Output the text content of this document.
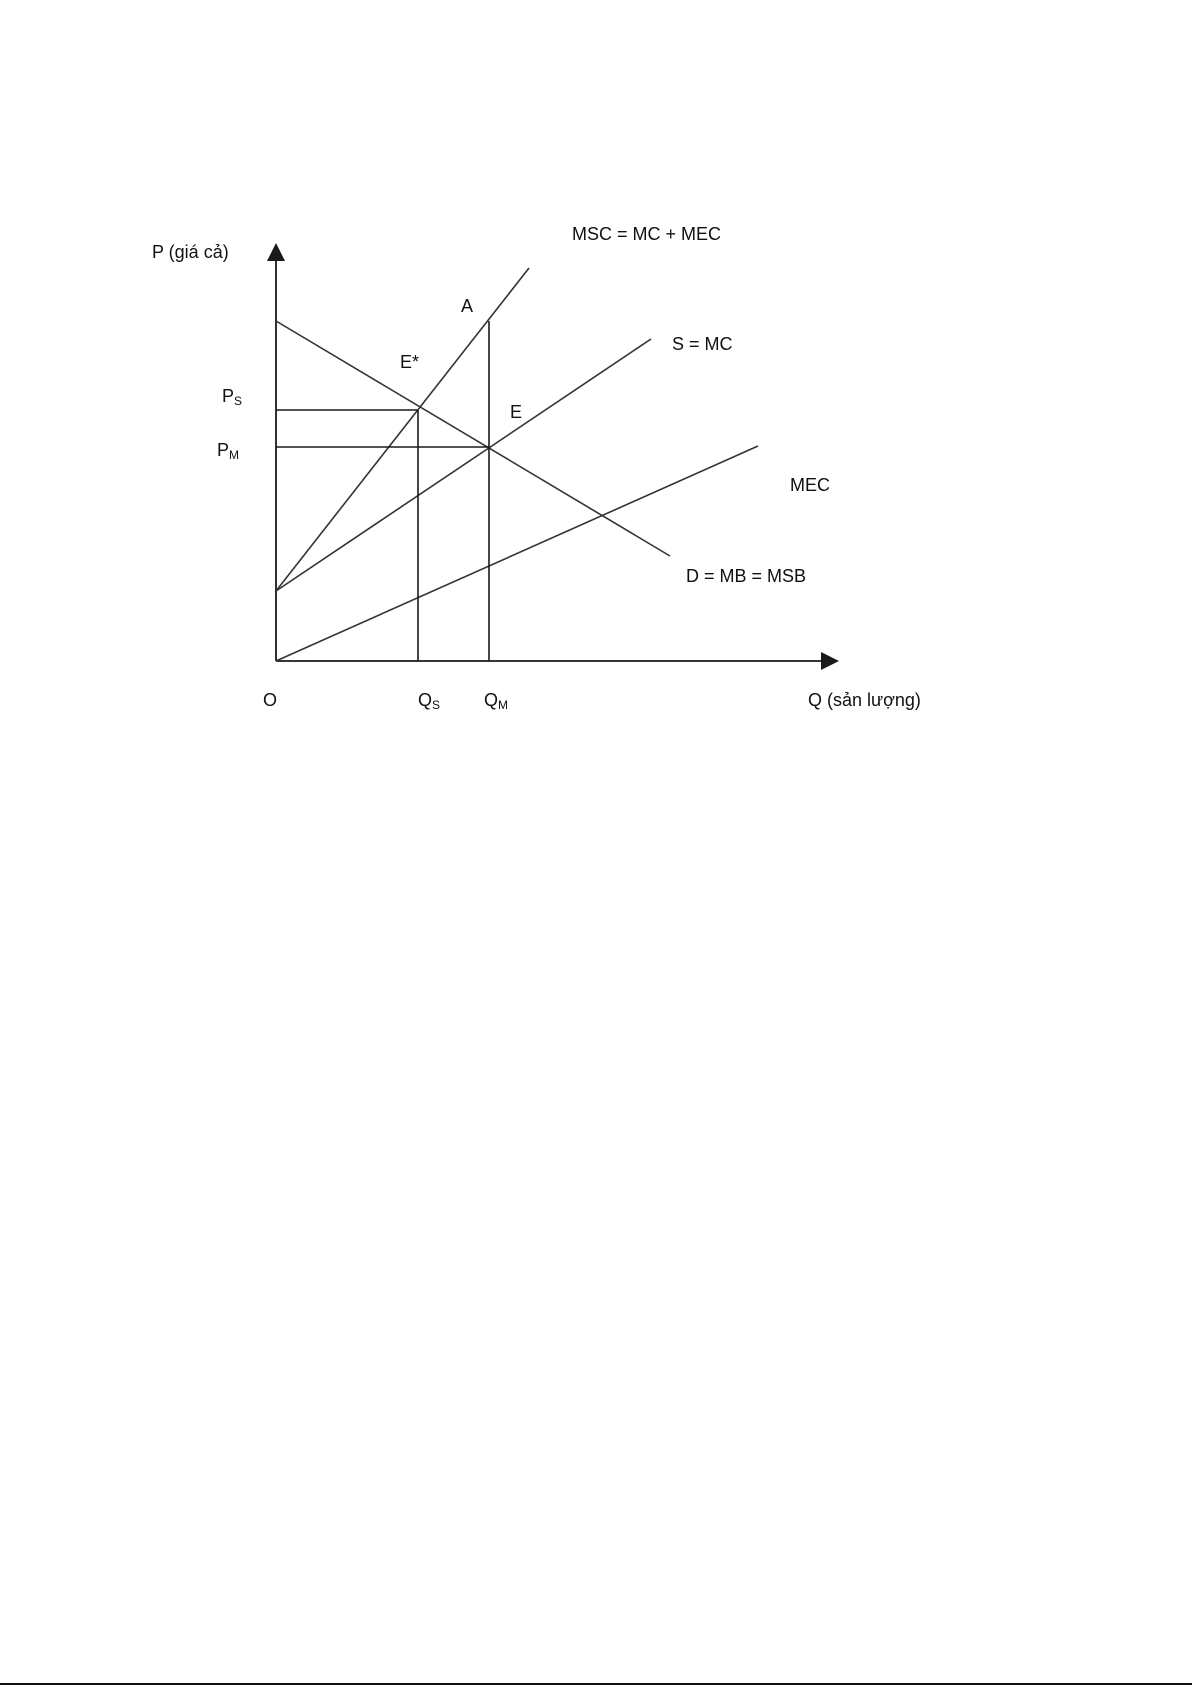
P (giá cả)
Q (sản lượng)
O
MSC = MC + MEC
S = MC
MEC
D = MB = MSB
A
E*
E
PS
PM
QS QM
